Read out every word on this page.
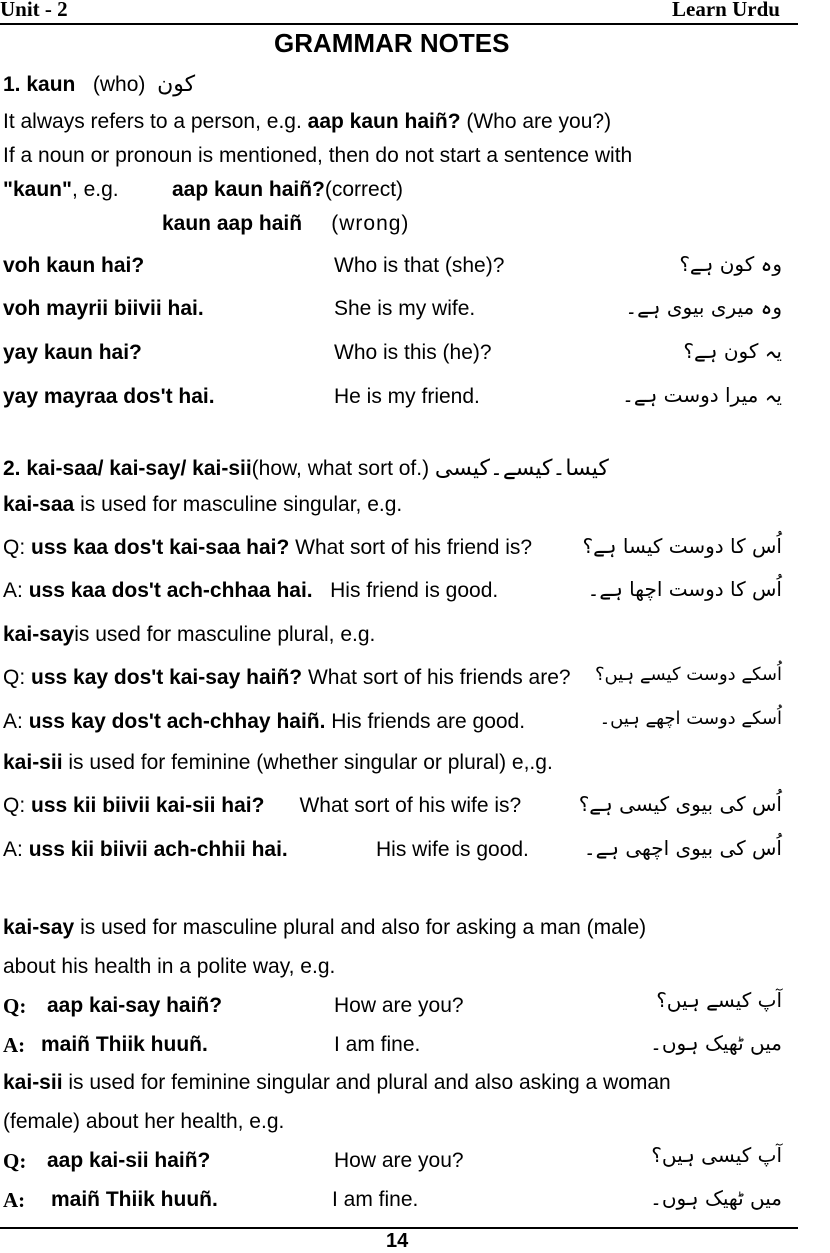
Unit - 2	Learn Urdu
GRAMMAR NOTES
1. kaun (who) کون
It always refers to a person, e.g. aap kaun haiñ? (Who are you?)
If a noun or pronoun is mentioned, then do not start a sentence with
"kaun", e.g.	aap kaun haiñ?(correct)
kaun aap haiñ (wrong)
voh kaun hai?	Who is that (she)?	وہ کون ہے؟
voh mayrii biivii hai.	She is my wife.	وہ میری بیوی ہے۔
yay kaun hai?	Who is this (he)?	یہ کون ہے؟
yay mayraa dos't hai.	He is my friend.	یہ میرا دوست ہے۔
2. kai-saa/ kai-say/ kai-sii(how, what sort of.) کیسا۔کیسے۔کیسی
kai-saa is used for masculine singular, e.g.
Q: uss kaa dos't kai-saa hai? What sort of his friend is?	اُس کا دوست کیسا ہے؟
A: uss kaa dos't ach-chhaa hai. His friend is good.	اُس کا دوست اچھا ہے۔
kai-sayis used for masculine plural, e.g.
Q: uss kay dos't kai-say haiñ? What sort of his friends are? اُسکے دوست کیسے ہیں؟
A: uss kay dos't ach-chhay haiñ. His friends are good.	اُسکے دوست اچھے ہیں۔
kai-sii is used for feminine (whether singular or plural) e,.g.
Q: uss kii biivii kai-sii hai? What sort of his wife is?	اُس کی بیوی کیسی ہے؟
A: uss kii biivii ach-chhii hai.	His wife is good.	اُس کی بیوی اچھی ہے۔
kai-say is used for masculine plural and also for asking a man (male)
about his health in a polite way, e.g.
Q: aap kai-say haiñ?	How are you?	آپ کیسے ہیں؟
A: maiñ Thiik huuñ.	I am fine.	میں ٹھیک ہوں۔
kai-sii is used for feminine singular and plural and also asking a woman
(female) about her health, e.g.
Q: aap kai-sii haiñ?	How are you?	آپ کیسی ہیں؟
A: maiñ Thiik huuñ.	I am fine.	میں ٹھیک ہوں۔
14
